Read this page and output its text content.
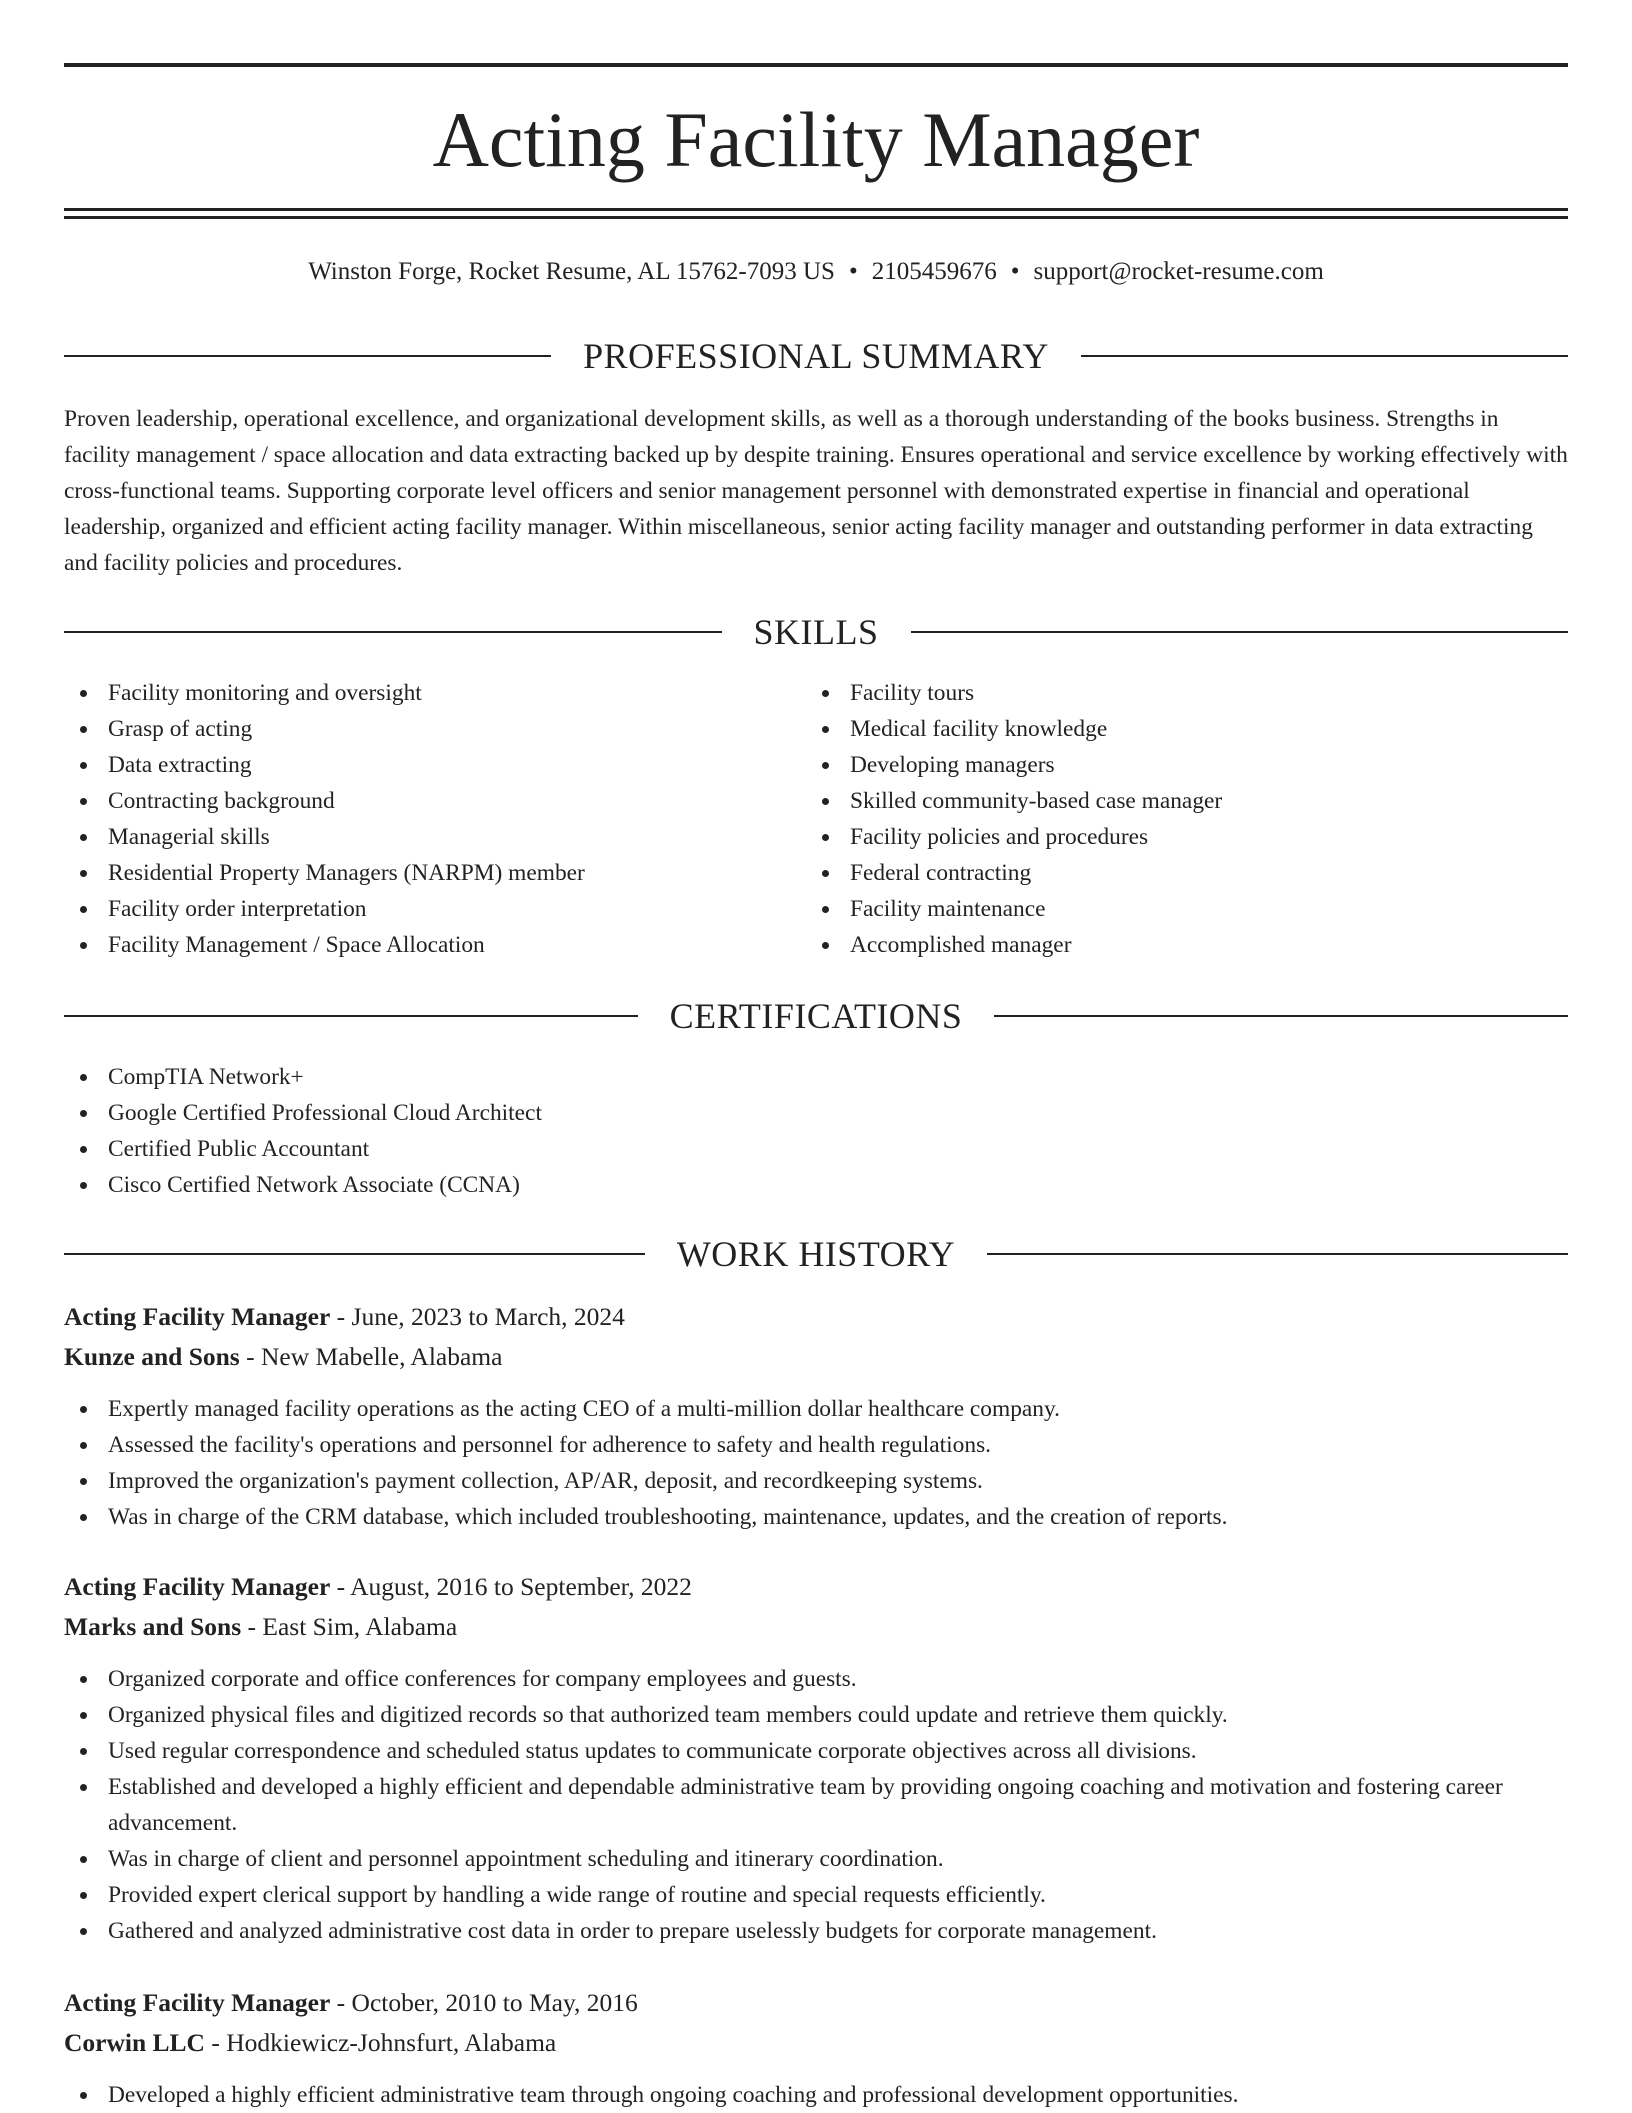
Acting Facility Manager
Winston Forge, Rocket Resume, AL 15762-7093 US • 2105459676 • support@rocket-resume.com
PROFESSIONAL SUMMARY

Proven leadership, operational excellence, and organizational development skills, as well as a thorough understanding of the books business. Strengths in facility management / space allocation and data extracting backed up by despite training. Ensures operational and service excellence by working effectively with cross-functional teams. Supporting corporate level officers and senior management personnel with demonstrated expertise in financial and operational leadership, organized and efficient acting facility manager. Within miscellaneous, senior acting facility manager and outstanding performer in data extracting and facility policies and procedures.

SKILLS
Facility monitoring and oversight
Grasp of acting
Data extracting
Contracting background
Managerial skills
Residential Property Managers (NARPM) member
Facility order interpretation
Facility Management / Space Allocation
Facility tours
Medical facility knowledge
Developing managers
Skilled community-based case manager
Facility policies and procedures
Federal contracting
Facility maintenance
Accomplished manager
CERTIFICATIONS
CompTIA Network+
Google Certified Professional Cloud Architect
Certified Public Accountant
Cisco Certified Network Associate (CCNA)
WORK HISTORY
Acting Facility Manager - June, 2023 to March, 2024
Kunze and Sons - New Mabelle, Alabama
Expertly managed facility operations as the acting CEO of a multi-million dollar healthcare company.
Assessed the facility's operations and personnel for adherence to safety and health regulations.
Improved the organization's payment collection, AP/AR, deposit, and recordkeeping systems.
Was in charge of the CRM database, which included troubleshooting, maintenance, updates, and the creation of reports.
Acting Facility Manager - August, 2016 to September, 2022
Marks and Sons - East Sim, Alabama
Organized corporate and office conferences for company employees and guests.
Organized physical files and digitized records so that authorized team members could update and retrieve them quickly.
Used regular correspondence and scheduled status updates to communicate corporate objectives across all divisions.
Established and developed a highly efficient and dependable administrative team by providing ongoing coaching and motivation and fostering career advancement.
Was in charge of client and personnel appointment scheduling and itinerary coordination.
Provided expert clerical support by handling a wide range of routine and special requests efficiently.
Gathered and analyzed administrative cost data in order to prepare uselessly budgets for corporate management.
Acting Facility Manager - October, 2010 to May, 2016
Corwin LLC - Hodkiewicz-Johnsfurt, Alabama
Developed a highly efficient administrative team through ongoing coaching and professional development opportunities.
